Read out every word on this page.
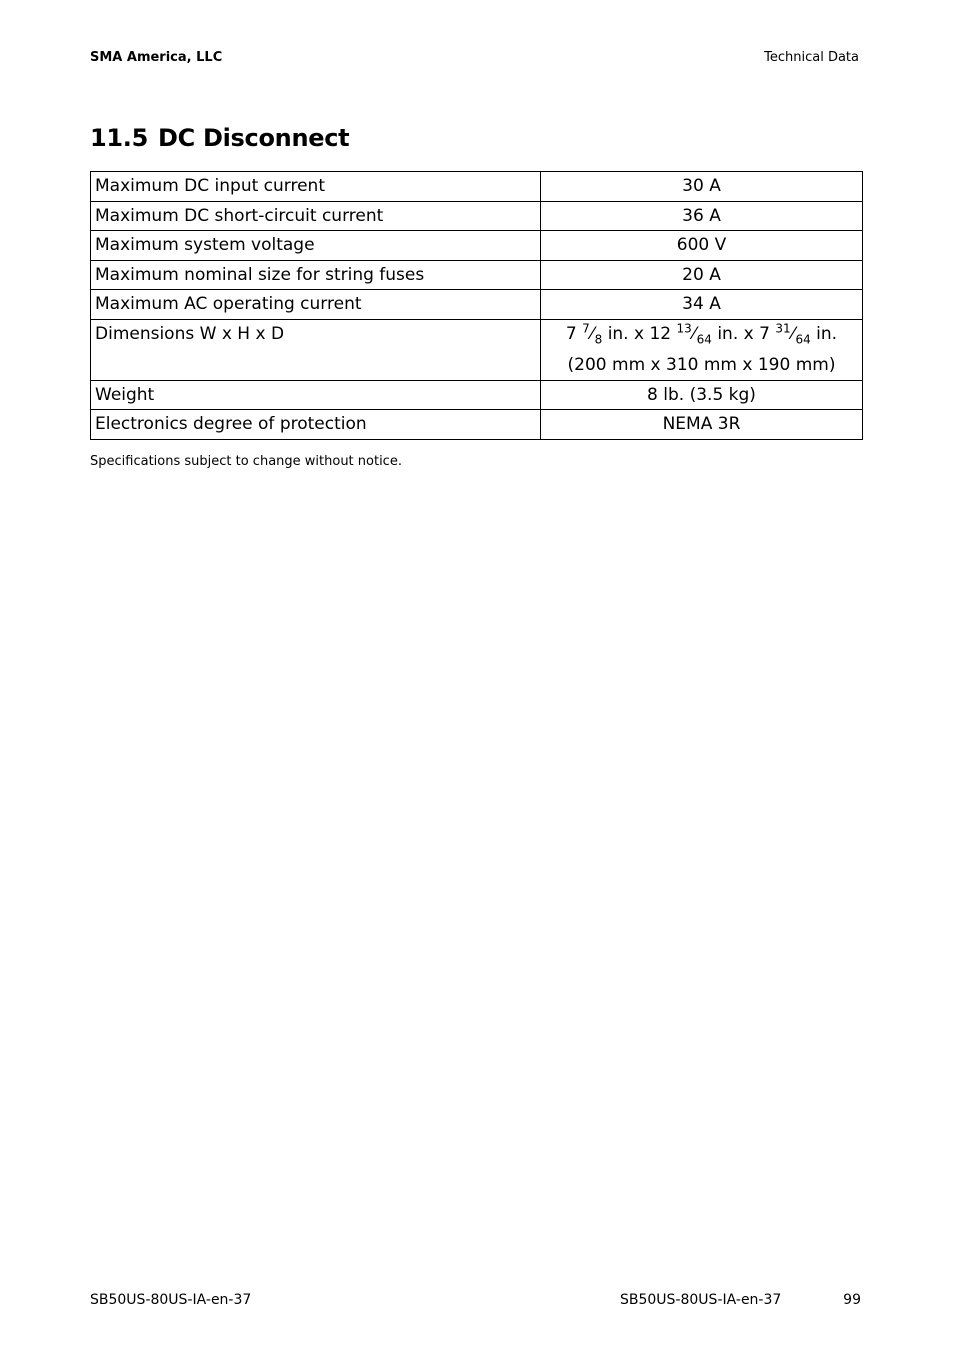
SMA America, LLC	Technical Data
11.5 DC Disconnect
Maximum DC input current	30 A
Maximum DC short-circuit current	36 A
Maximum system voltage	600 V
Maximum nominal size for string fuses	20 A
Maximum AC operating current	34 A
Dimensions W x H x D	7 $^7⁄_8$ in. x 12 $^{13}⁄_{64}$ in. x 7 $^{31}⁄_{64}$ in.
(200 mm x 310 mm x 190 mm)

Weight	8 lb. (3.5 kg)
Electronics degree of protection	NEMA 3R
Specifications subject to change without notice.
SB50US-80US-IA-en-37	SB50US-80US-IA-en-37	99
